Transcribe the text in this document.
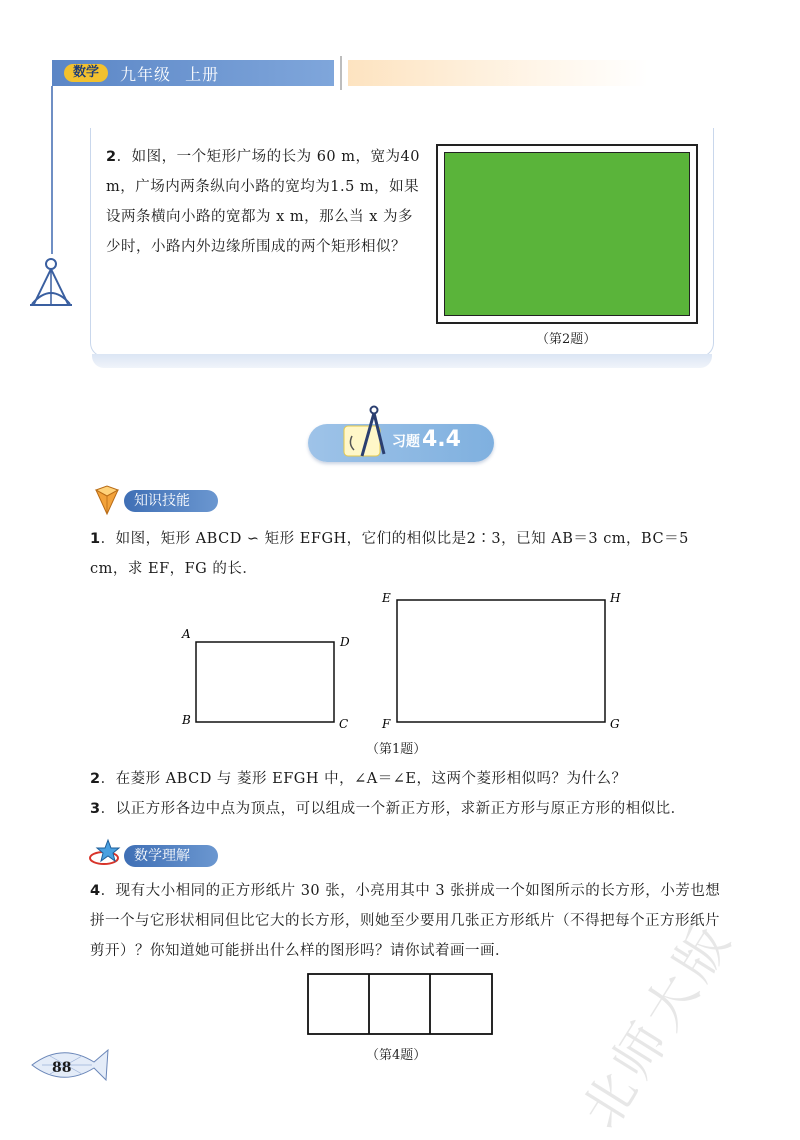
数学	九年级 上册
2．如图，一个矩形广场的长为 60 m，宽为40 m，广场内两条纵向小路的宽均为1.5 m，如果设两条横向小路的宽都为 x m，那么当 x 为多少时，小路内外边缘所围成的两个矩形相似？
（第2题）
习题4.4
知识技能
1．如图，矩形 ABCD ∽ 矩形 EFGH，它们的相似比是2∶3，已知 AB＝3 cm，BC＝5 cm，求 EF，FG 的长．
A
D
B	C
E	H
F	G
（第1题）
2．在菱形 ABCD 与 菱形 EFGH 中，∠A＝∠E，这两个菱形相似吗？为什么？
3．以正方形各边中点为顶点，可以组成一个新正方形，求新正方形与原正方形的相似比．
数学理解
4．现有大小相同的正方形纸片 30 张，小亮用其中 3 张拼成一个如图所示的长方形，小芳也想拼一个与它形状相同但比它大的长方形，则她至少要用几张正方形纸片（不得把每个正方形纸片剪开）？你知道她可能拼出什么样的图形吗？请你试着画一画．
（第4题）
88	北师大版
